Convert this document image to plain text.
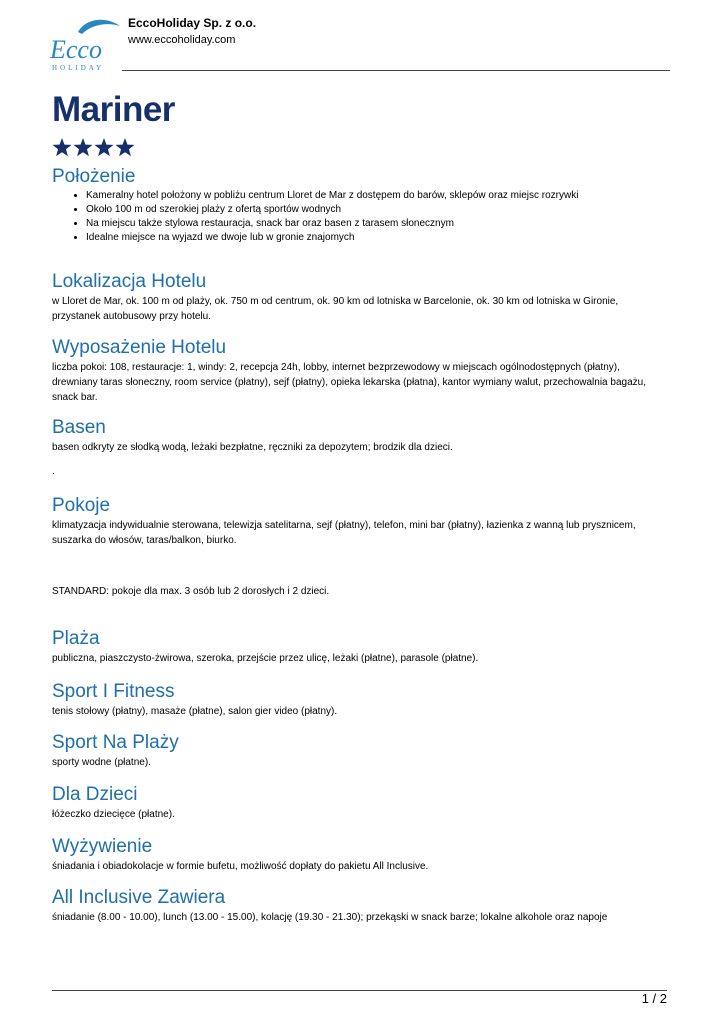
Ecco
HOLIDAY
EccoHoliday Sp. z o.o.
www.eccoholiday.com
Mariner
Położenie
• Kameralny hotel położony w pobliżu centrum Lloret de Mar z dostępem do barów, sklepów oraz miejsc rozrywki
• Około 100 m od szerokiej plaży z ofertą sportów wodnych
• Na miejscu także stylowa restauracja, snack bar oraz basen z tarasem słonecznym
• Idealne miejsce na wyjazd we dwoje lub w gronie znajomych
Lokalizacja Hotelu

w Lloret de Mar, ok. 100 m od plaży, ok. 750 m od centrum, ok. 90 km od lotniska w Barcelonie, ok. 30 km od lotniska w Gironie, przystanek autobusowy przy hotelu.

Wyposażenie Hotelu

liczba pokoi: 108, restauracje: 1, windy: 2, recepcja 24h, lobby, internet bezprzewodowy w miejscach ogólnodostępnych (płatny), drewniany taras słoneczny, room service (płatny), sejf (płatny), opieka lekarska (płatna), kantor wymiany walut, przechowalnia bagażu, snack bar.

Basen

basen odkryty ze słodką wodą, leżaki bezpłatne, ręczniki za depozytem; brodzik dla dzieci.

.
Pokoje

klimatyzacja indywidualnie sterowana, telewizja satelitarna, sejf (płatny), telefon, mini bar (płatny), łazienka z wanną lub prysznicem, suszarka do włosów, taras/balkon, biurko.

STANDARD: pokoje dla max. 3 osób lub 2 dorosłych i 2 dzieci.
Plaża

publiczna, piaszczysto-żwirowa, szeroka, przejście przez ulicę, leżaki (płatne), parasole (płatne).

Sport I Fitness

tenis stołowy (płatny), masaże (płatne), salon gier video (płatny).

Sport Na Plaży

sporty wodne (płatne).

Dla Dzieci

łóżeczko dziecięce (płatne).

Wyżywienie

śniadania i obiadokolacje w formie bufetu, możliwość dopłaty do pakietu All Inclusive.

All Inclusive Zawiera

śniadanie (8.00 - 10.00), lunch (13.00 - 15.00), kolację (19.30 - 21.30); przekąski w snack barze; lokalne alkohole oraz napoje

1 / 2
